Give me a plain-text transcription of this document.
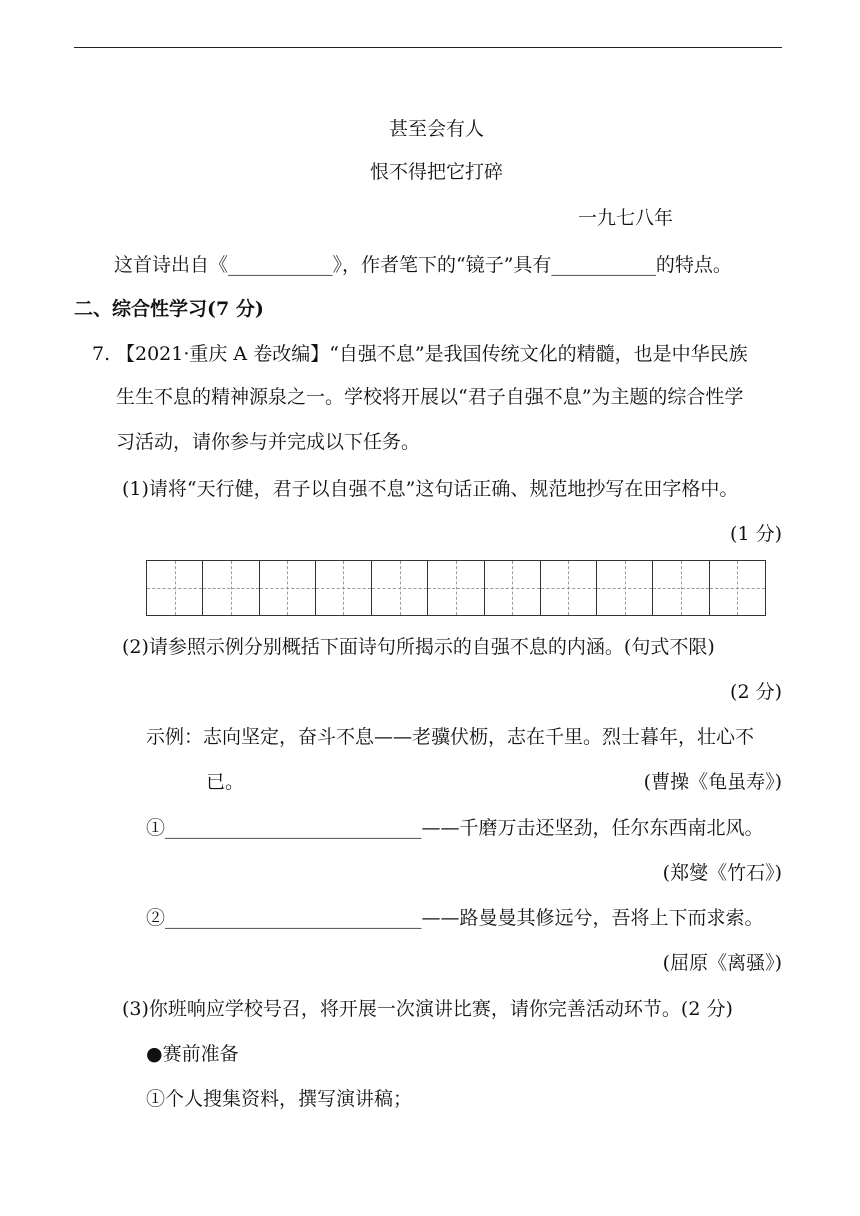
甚至会有人
恨不得把它打碎
一九七八年
这首诗出自《___________》，作者笔下的“镜子”具有___________的特点。
二、综合性学习(7 分)
7. 【2021·重庆 A 卷改编】“自强不息”是我国传统文化的精髓，也是中华民族
生生不息的精神源泉之一。学校将开展以“君子自强不息”为主题的综合性学
习活动，请你参与并完成以下任务。
(1)请将“天行健，君子以自强不息”这句话正确、规范地抄写在田字格中。
(1 分)
(2)请参照示例分别概括下面诗句所揭示的自强不息的内涵。(句式不限)
(2 分)
示例：志向坚定，奋斗不息——老骥伏枥，志在千里。烈士暮年，壮心不
已。	(曹操《龟虽寿》)
①___________________________——千磨万击还坚劲，任尔东西南北风。
(郑燮《竹石》)
②___________________________——路曼曼其修远兮，吾将上下而求索。
(屈原《离骚》)
(3)你班响应学校号召，将开展一次演讲比赛，请你完善活动环节。(2 分)
●赛前准备
①个人搜集资料，撰写演讲稿；
